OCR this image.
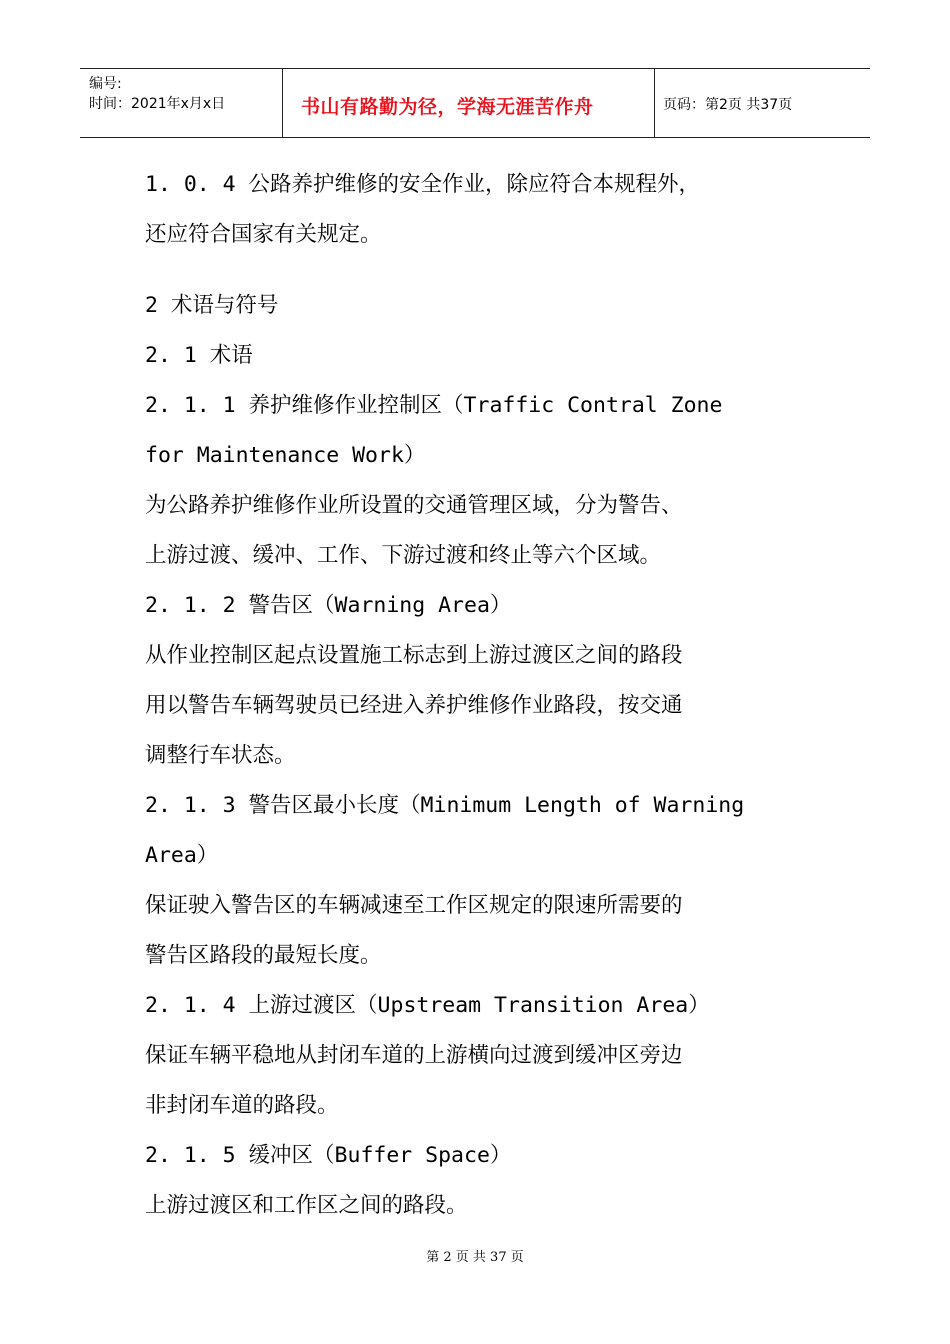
编号:
时间：2021年x月x日	书山有路勤为径，学海无涯苦作舟	页码：第2页 共37页
1. 0. 4 公路养护维修的安全作业，除应符合本规程外，
还应符合国家有关规定。
2 术语与符号
2. 1 术语
2. 1. 1 养护维修作业控制区（Traffic Contral Zone
for Maintenance Work）
为公路养护维修作业所设置的交通管理区域，分为警告、
上游过渡、缓冲、工作、下游过渡和终止等六个区域。
2. 1. 2 警告区（Warning Area）
从作业控制区起点设置施工标志到上游过渡区之间的路段
用以警告车辆驾驶员已经进入养护维修作业路段，按交通
调整行车状态。
2. 1. 3 警告区最小长度（Minimum Length of Warning
Area）
保证驶入警告区的车辆减速至工作区规定的限速所需要的
警告区路段的最短长度。
2. 1. 4 上游过渡区（Upstream Transition Area）
保证车辆平稳地从封闭车道的上游横向过渡到缓冲区旁边
非封闭车道的路段。
2. 1. 5 缓冲区（Buffer Space）
上游过渡区和工作区之间的路段。
第 2 页 共 37 页
